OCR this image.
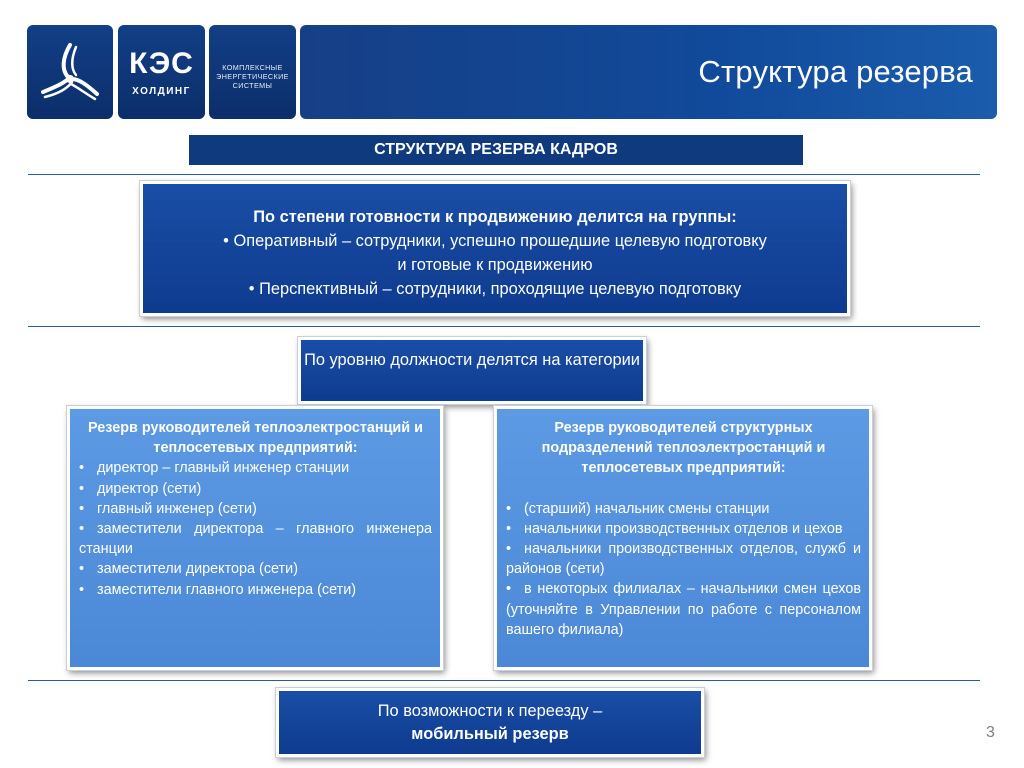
КЭС
ХОЛДИНГ
КОМПЛЕКСНЫЕ
ЭНЕРГЕТИЧЕСКИЕ
СИСТЕМЫ	Структура резерва
СТРУКТУРА РЕЗЕРВА КАДРОВ
По степени готовности к продвижению делится на группы:
• Оперативный – сотрудники, успешно прошедшие целевую подготовку
и готовые к продвижению
• Перспективный – сотрудники, проходящие целевую подготовку
По уровню должности делятся на категории
Резерв руководителей теплоэлектростанций и теплосетевых предприятий:
• директор – главный инженер станции
• директор (сети)
• главный инженер (сети)
• заместители директора – главного инженера станции
• заместители директора (сети)
• заместители главного инженера (сети)
Резерв руководителей структурных подразделений теплоэлектростанций и теплосетевых предприятий:
• (старший) начальник смены станции
• начальники производственных отделов и цехов
• начальники производственных отделов, служб и районов (сети)
• в некоторых филиалах – начальники смен цехов (уточняйте в Управлении по работе с персоналом вашего филиала)
По возможности к переезду –
мобильный резерв	3
